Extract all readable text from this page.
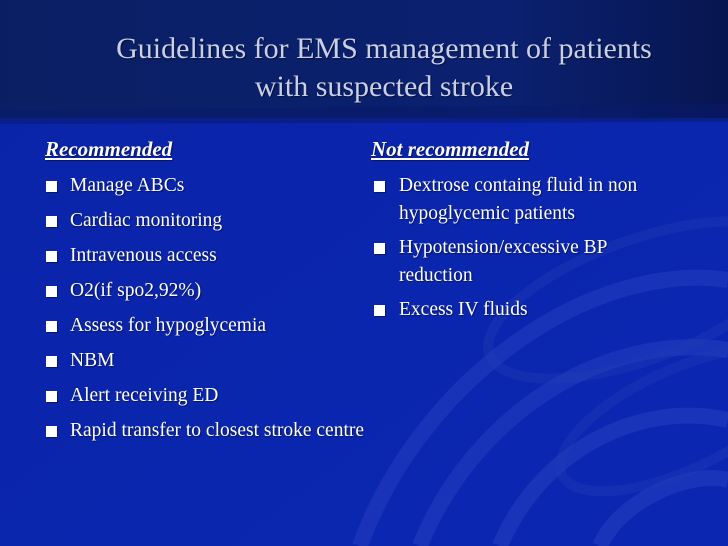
Guidelines for EMS management of patients
with suspected stroke
Recommended
Manage ABCs
Cardiac monitoring
Intravenous access
O2(if spo2,92%)
Assess for hypoglycemia
NBM
Alert receiving ED
Rapid transfer to closest stroke centre
Not recommended
Dextrose containg fluid in non hypoglycemic patients
Hypotension/excessive BP reduction
Excess IV fluids
